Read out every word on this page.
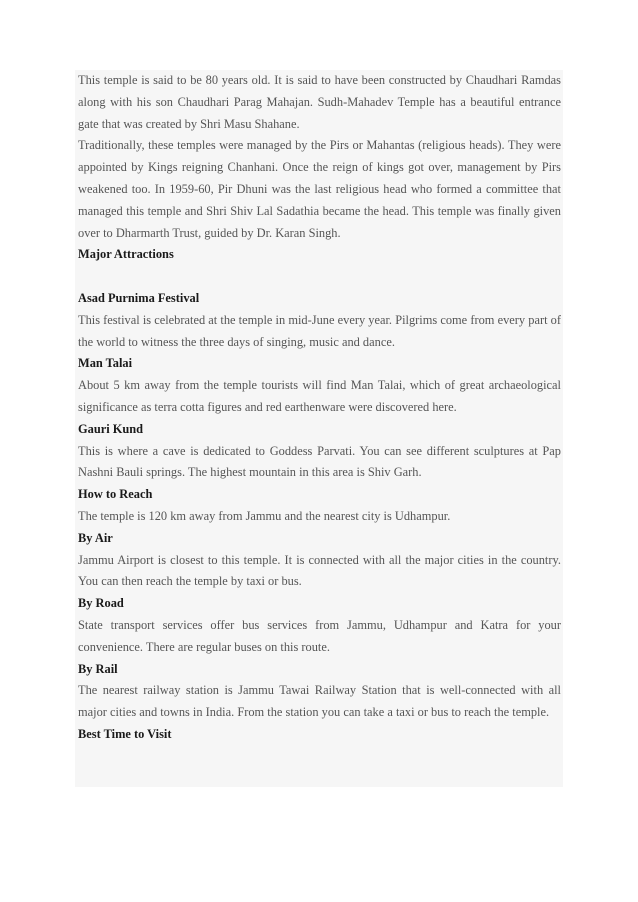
This temple is said to be 80 years old. It is said to have been constructed by Chaudhari Ramdas along with his son Chaudhari Parag Mahajan. Sudh-Mahadev Temple has a beautiful entrance gate that was created by Shri Masu Shahane.

Traditionally, these temples were managed by the Pirs or Mahantas (religious heads). They were appointed by Kings reigning Chanhani. Once the reign of kings got over, management by Pirs weakened too. In 1959-60, Pir Dhuni was the last religious head who formed a committee that managed this temple and Shri Shiv Lal Sadathia became the head. This temple was finally given over to Dharmarth Trust, guided by Dr. Karan Singh.

Major Attractions

Asad Purnima Festival

This festival is celebrated at the temple in mid-June every year. Pilgrims come from every part of the world to witness the three days of singing, music and dance.

Man Talai

About 5 km away from the temple tourists will find Man Talai, which of great archaeological significance as terra cotta figures and red earthenware were discovered here.

Gauri Kund

This is where a cave is dedicated to Goddess Parvati. You can see different sculptures at Pap Nashni Bauli springs. The highest mountain in this area is Shiv Garh.

How to Reach

The temple is 120 km away from Jammu and the nearest city is Udhampur.

By Air

Jammu Airport is closest to this temple. It is connected with all the major cities in the country. You can then reach the temple by taxi or bus.

By Road

State transport services offer bus services from Jammu, Udhampur and Katra for your convenience. There are regular buses on this route.

By Rail

The nearest railway station is Jammu Tawai Railway Station that is well-connected with all major cities and towns in India. From the station you can take a taxi or bus to reach the temple.

Best Time to Visit
